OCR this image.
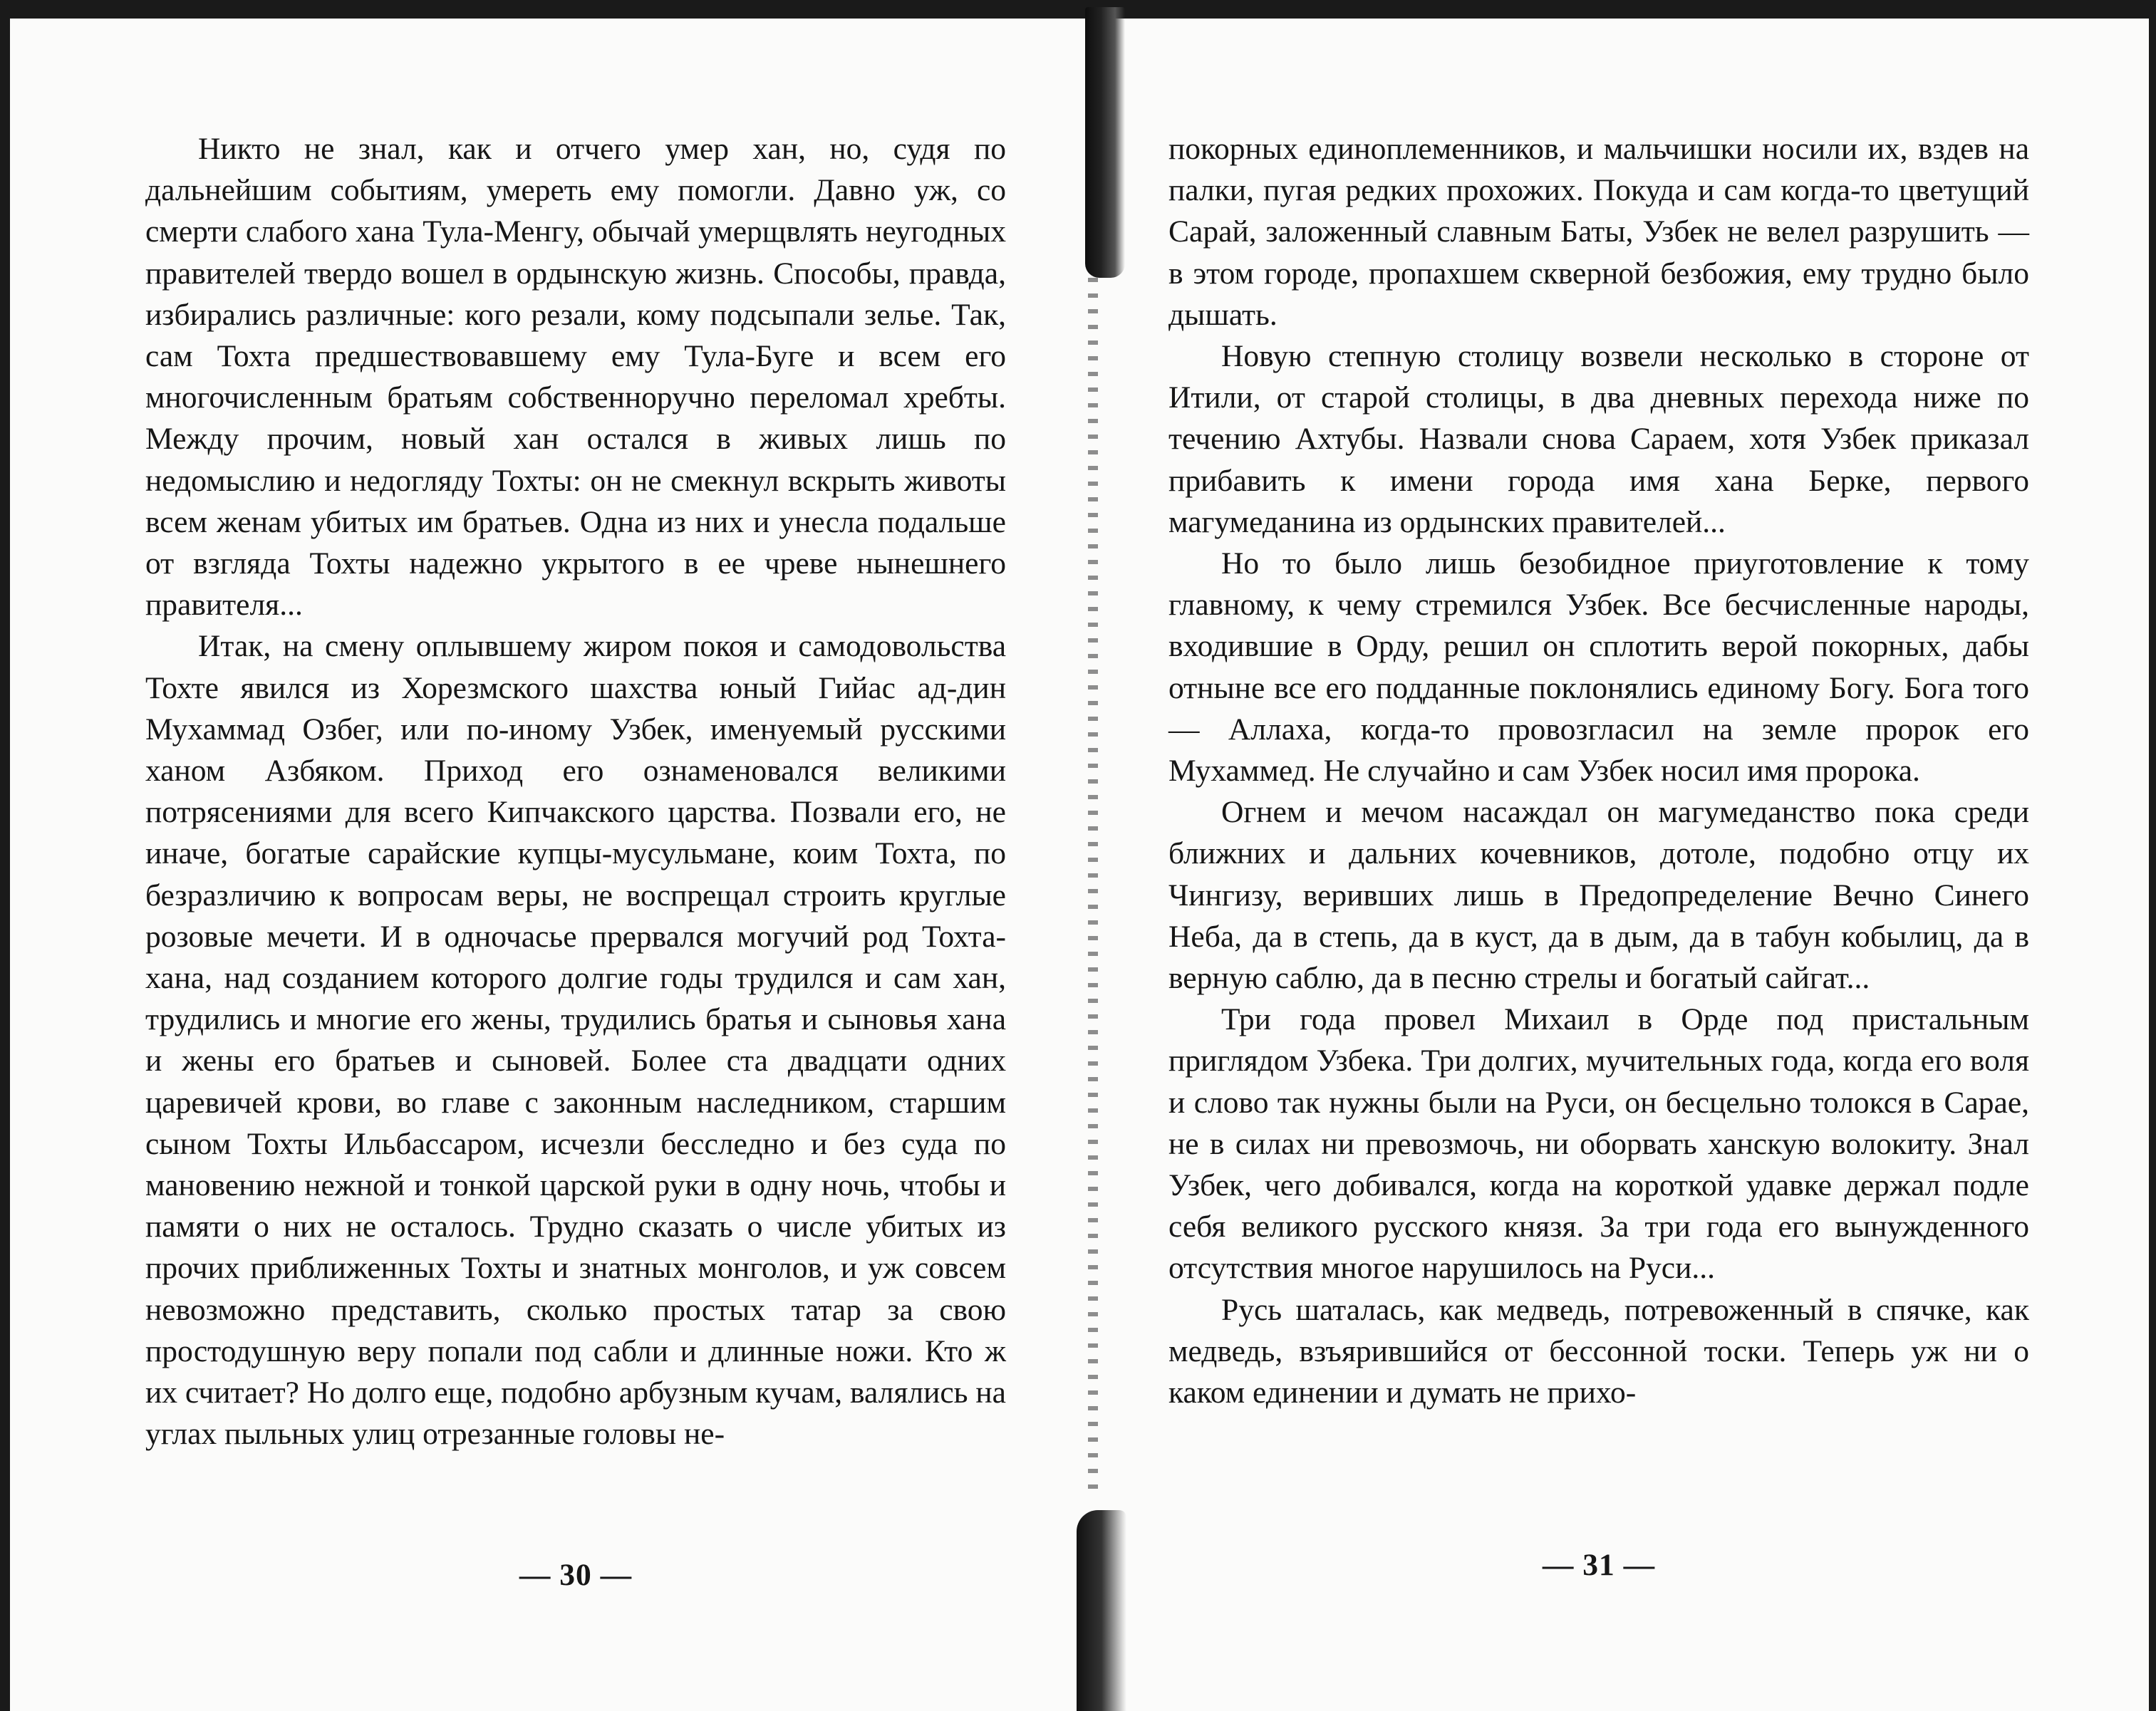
Никто не знал, как и отчего умер хан, но, судя по дальнейшим событиям, умереть ему помогли. Давно уж, со смерти слабого хана Тула-Менгу, обычай умерщвлять неугодных правителей твердо вошел в ордынскую жизнь. Способы, правда, избирались различные: кого резали, кому подсыпали зелье. Так, сам Тохта предшествовавшему ему Тула-Буге и всем его многочисленным братьям собственноручно переломал хребты. Между прочим, новый хан остался в живых лишь по недомыслию и недогляду Тохты: он не смекнул вскрыть животы всем женам убитых им братьев. Одна из них и унесла подальше от взгляда Тохты надежно укрытого в ее чреве нынешнего правителя...

Итак, на смену оплывшему жиром покоя и самодовольства Тохте явился из Хорезмского шахства юный Гийас ад-дин Мухаммад Озбег, или по-иному Узбек, именуемый русскими ханом Азбяком. Приход его ознаменовался великими потрясениями для всего Кипчакского царства. Позвали его, не иначе, богатые сарайские купцы-мусульмане, коим Тохта, по безразличию к вопросам веры, не воспрещал строить круглые розовые мечети. И в одночасье прервался могучий род Тохта-хана, над созданием которого долгие годы трудился и сам хан, трудились и многие его жены, трудились братья и сыновья хана и жены его братьев и сыновей. Более ста двадцати одних царевичей крови, во главе с законным наследником, старшим сыном Тохты Ильбассаром, исчезли бесследно и без суда по мановению нежной и тонкой царской руки в одну ночь, чтобы и памяти о них не осталось. Трудно сказать о числе убитых из прочих приближенных Тохты и знатных монголов, и уж совсем невозможно представить, сколько простых татар за свою простодушную веру попали под сабли и длинные ножи. Кто ж их считает? Но долго еще, подобно арбузным кучам, валялись на углах пыльных улиц отрезанные головы не-

— 30 —

покорных единоплеменников, и мальчишки носили их, вздев на палки, пугая редких прохожих. Покуда и сам когда-то цветущий Сарай, заложенный славным Баты, Узбек не велел разрушить — в этом городе, пропахшем скверной безбожия, ему трудно было дышать.

Новую степную столицу возвели несколько в стороне от Итили, от старой столицы, в два дневных перехода ниже по течению Ахтубы. Назвали снова Сараем, хотя Узбек приказал прибавить к имени города имя хана Берке, первого магумеданина из ордынских правителей...

Но то было лишь безобидное приуготовление к тому главному, к чему стремился Узбек. Все бесчисленные народы, входившие в Орду, решил он сплотить верой покорных, дабы отныне все его подданные поклонялись единому Богу. Бога того — Аллаха, когда-то провозгласил на земле пророк его Мухаммед. Не случайно и сам Узбек носил имя пророка.

Огнем и мечом насаждал он магумеданство пока среди ближних и дальних кочевников, дотоле, подобно отцу их Чингизу, веривших лишь в Предопределение Вечно Синего Неба, да в степь, да в куст, да в дым, да в табун кобылиц, да в верную саблю, да в песню стрелы и богатый сайгат...

Три года провел Михаил в Орде под пристальным приглядом Узбека. Три долгих, мучительных года, когда его воля и слово так нужны были на Руси, он бесцельно толокся в Сарае, не в силах ни превозмочь, ни оборвать ханскую волокиту. Знал Узбек, чего добивался, когда на короткой удавке держал подле себя великого русского князя. За три года его вынужденного отсутствия многое нарушилось на Руси...

Русь шаталась, как медведь, потревоженный в спячке, как медведь, взъярившийся от бессонной тоски. Теперь уж ни о каком единении и думать не прихо-

— 31 —
